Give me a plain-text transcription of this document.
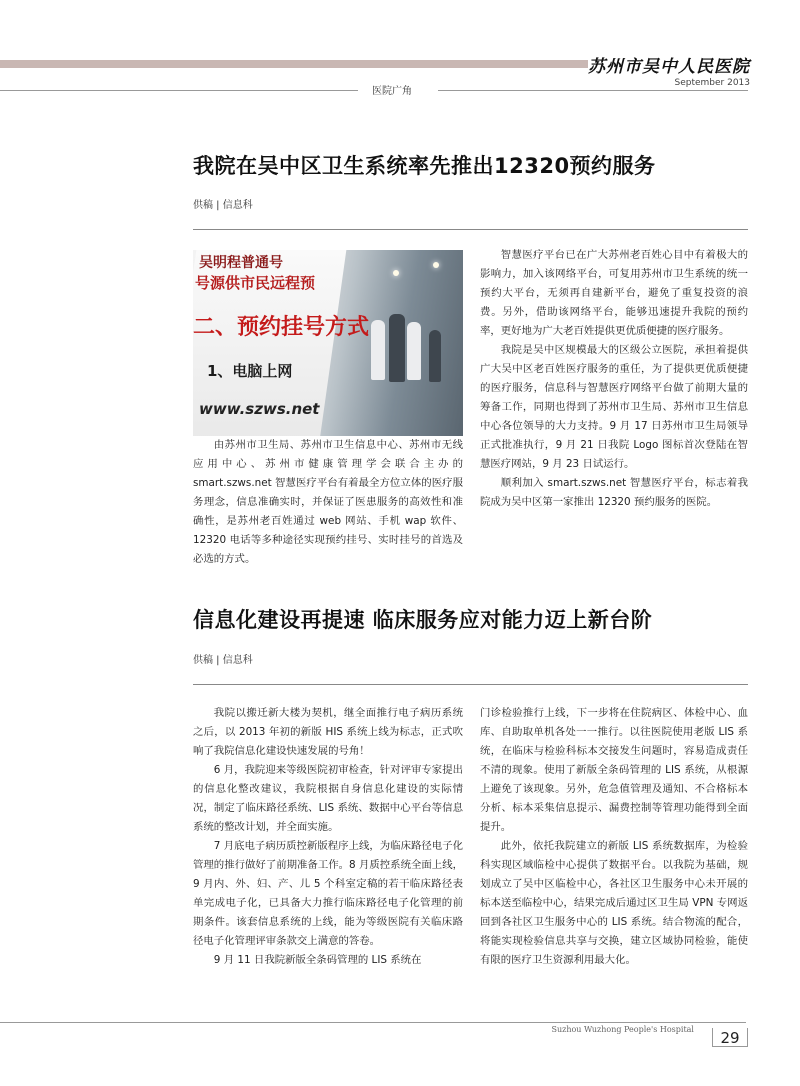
苏州市吴中人民医院
September 2013
医院广角
我院在吴中区卫生系统率先推出12320预约服务
供稿 | 信息科
吴明程普通号
号源供市民远程预
二、预约挂号方式
1、电脑上网
www.szws.net

由苏州市卫生局、苏州市卫生信息中心、苏州市无线应用中心、苏州市健康管理学会联合主办的 smart.szws.net 智慧医疗平台有着最全方位立体的医疗服务理念，信息准确实时，并保证了医患服务的高效性和准确性，是苏州老百姓通过 web 网站、手机 wap 软件、12320 电话等多种途径实现预约挂号、实时挂号的首选及必选的方式。

智慧医疗平台已在广大苏州老百姓心目中有着极大的影响力，加入该网络平台，可复用苏州市卫生系统的统一预约大平台，无须再自建新平台，避免了重复投资的浪费。另外，借助该网络平台，能够迅速提升我院的预约率，更好地为广大老百姓提供更优质便捷的医疗服务。

我院是吴中区规模最大的区级公立医院，承担着提供广大吴中区老百姓医疗服务的重任，为了提供更优质便捷的医疗服务，信息科与智慧医疗网络平台做了前期大量的筹备工作，同期也得到了苏州市卫生局、苏州市卫生信息中心各位领导的大力支持。9 月 17 日苏州市卫生局领导正式批准执行，9 月 21 日我院 Logo 图标首次登陆在智慧医疗网站，9 月 23 日试运行。

顺利加入 smart.szws.net 智慧医疗平台，标志着我院成为吴中区第一家推出 12320 预约服务的医院。

信息化建设再提速 临床服务应对能力迈上新台阶
供稿 | 信息科

我院以搬迁新大楼为契机，继全面推行电子病历系统之后，以 2013 年初的新版 HIS 系统上线为标志，正式吹响了我院信息化建设快速发展的号角！

6 月，我院迎来等级医院初审检查，针对评审专家提出的信息化整改建议，我院根据自身信息化建设的实际情况，制定了临床路径系统、LIS 系统、数据中心平台等信息系统的整改计划，并全面实施。

7 月底电子病历质控新版程序上线，为临床路径电子化管理的推行做好了前期准备工作。8 月质控系统全面上线，9 月内、外、妇、产、儿 5 个科室定稿的若干临床路径表单完成电子化，已具备大力推行临床路径电子化管理的前期条件。该套信息系统的上线，能为等级医院有关临床路径电子化管理评审条款交上满意的答卷。

9 月 11 日我院新版全条码管理的 LIS 系统在

门诊检验推行上线，下一步将在住院病区、体检中心、血库、自助取单机各处一一推行。以往医院使用老版 LIS 系统，在临床与检验科标本交接发生问题时，容易造成责任不清的现象。使用了新版全条码管理的 LIS 系统，从根源上避免了该现象。另外，危急值管理及通知、不合格标本分析、标本采集信息提示、漏费控制等管理功能得到全面提升。

此外，依托我院建立的新版 LIS 系统数据库，为检验科实现区域临检中心提供了数据平台。以我院为基础，规划成立了吴中区临检中心，各社区卫生服务中心未开展的标本送至临检中心，结果完成后通过区卫生局 VPN 专网返回到各社区卫生服务中心的 LIS 系统。结合物流的配合，将能实现检验信息共享与交换，建立区域协同检验，能使有限的医疗卫生资源利用最大化。

Suzhou Wuzhong People's Hospital	29
